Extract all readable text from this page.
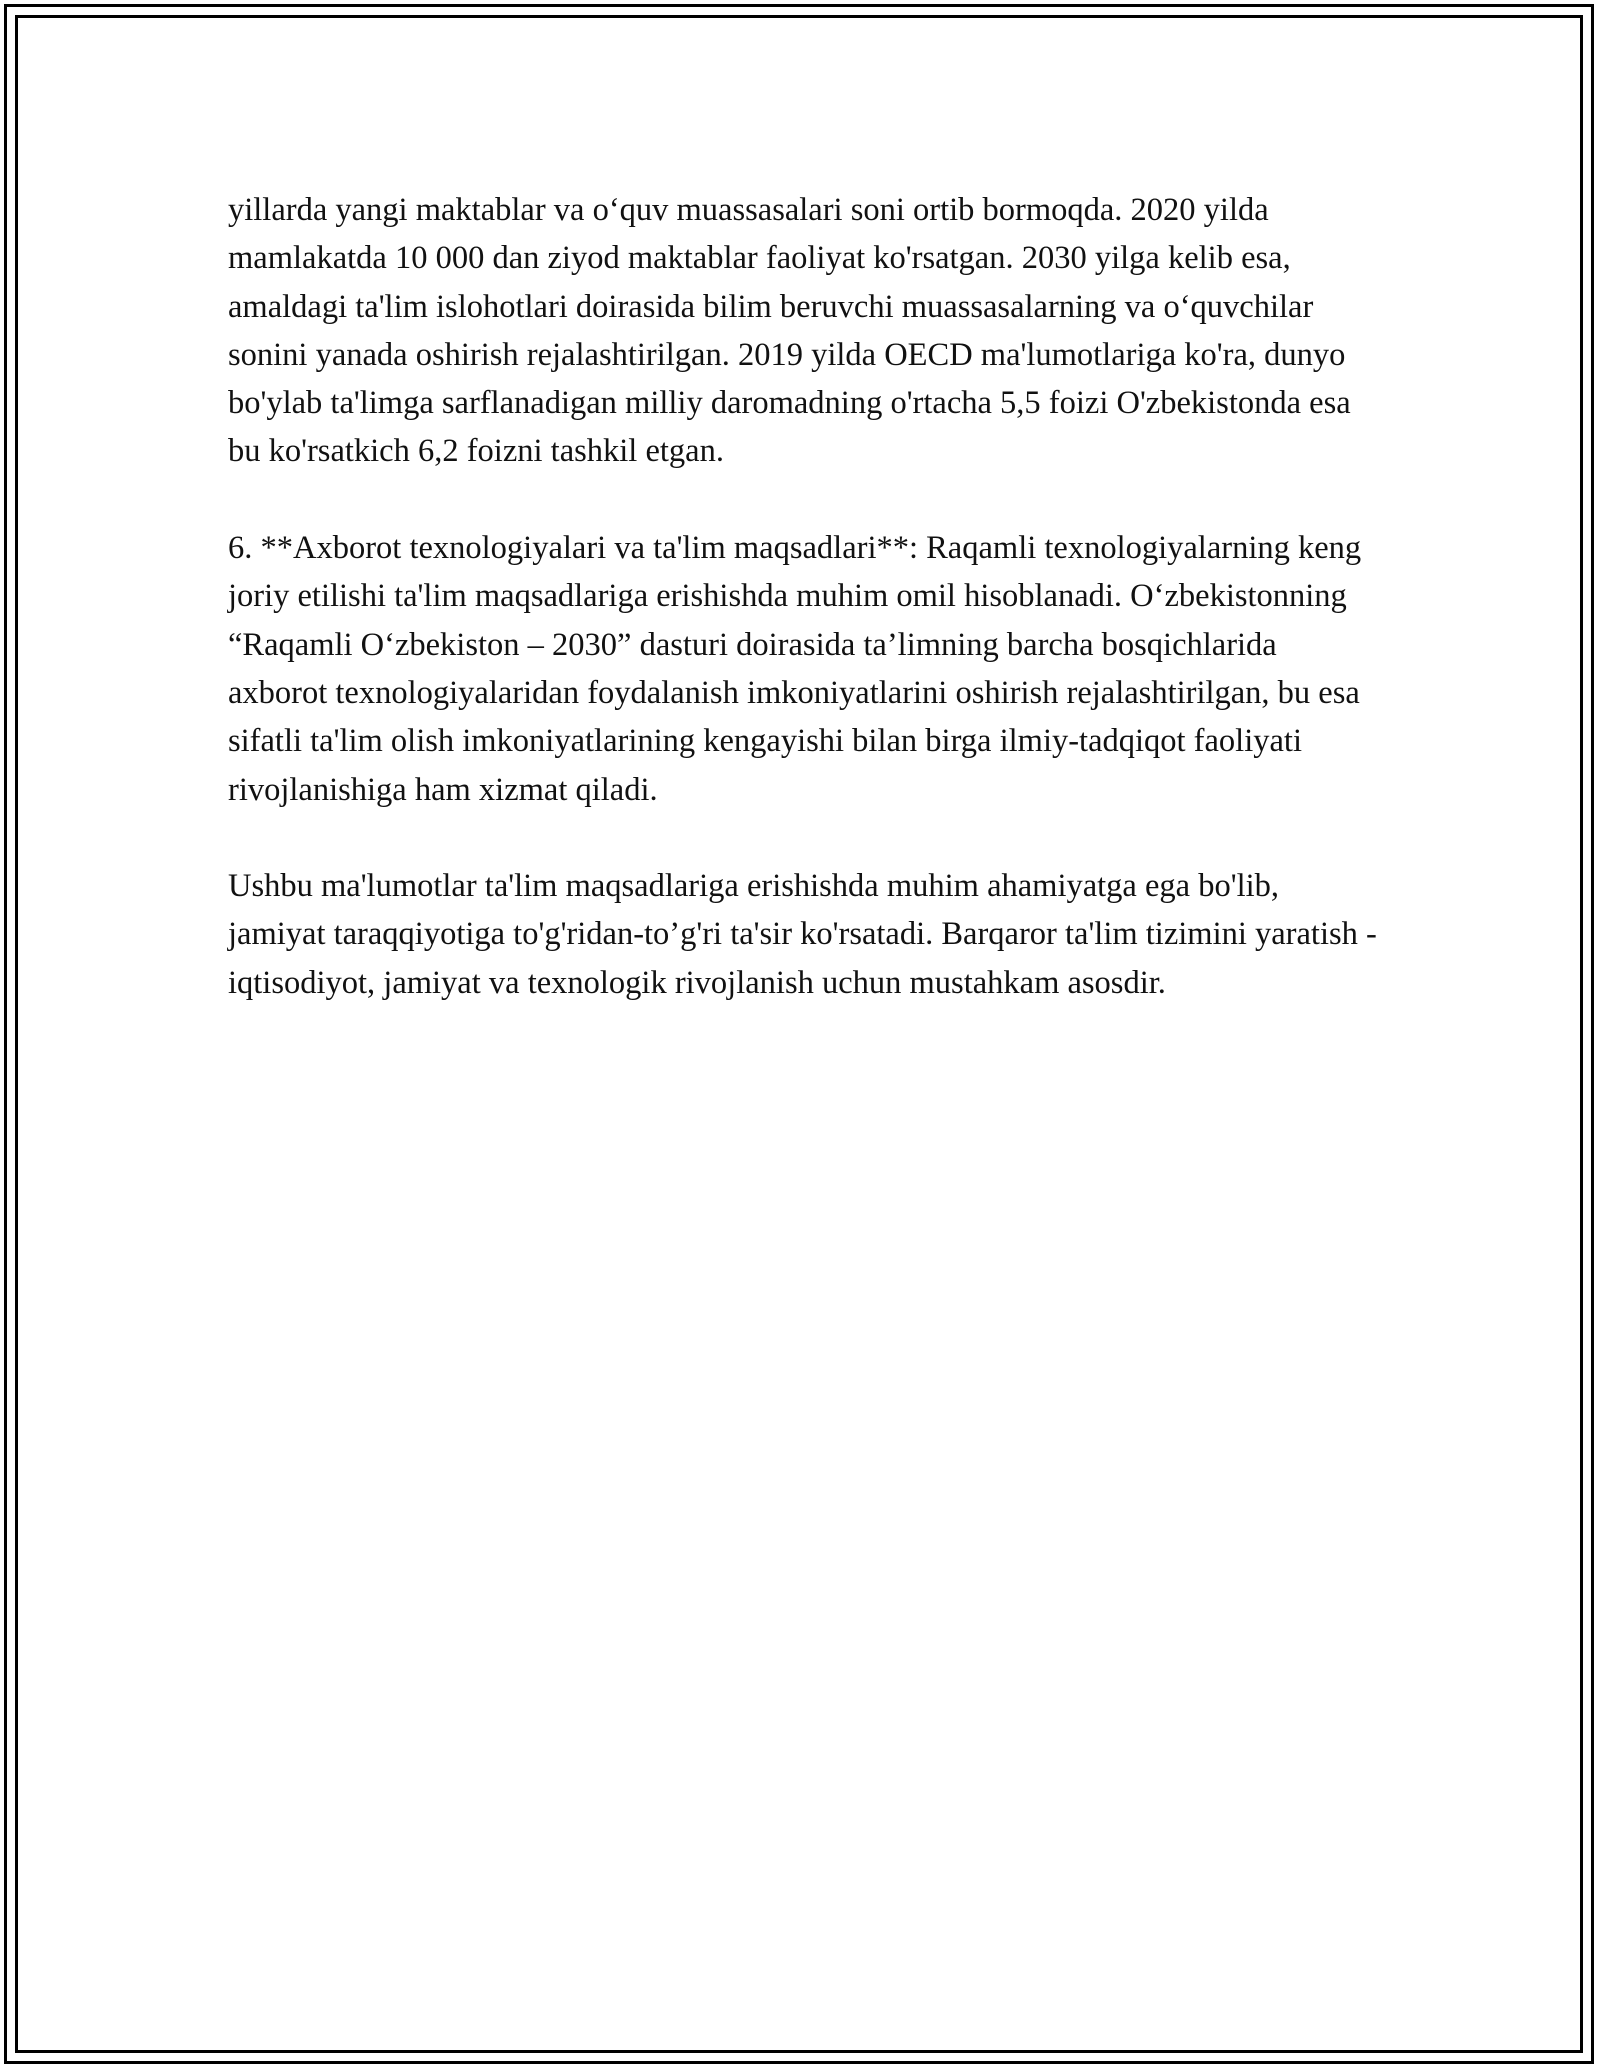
yillarda yangi maktablar va o‘quv muassasalari soni ortib bormoqda. 2020 yilda mamlakatda 10 000 dan ziyod maktablar faoliyat ko'rsatgan. 2030 yilga kelib esa, amaldagi ta'lim islohotlari doirasida bilim beruvchi muassasalarning va o‘quvchilar sonini yanada oshirish rejalashtirilgan. 2019 yilda OECD ma'lumotlariga ko'ra, dunyo bo'ylab ta'limga sarflanadigan milliy daromadning o'rtacha 5,5 foizi O'zbekistonda esa bu ko'rsatkich 6,2 foizni tashkil etgan.

6. **Axborot texnologiyalari va ta'lim maqsadlari**: Raqamli texnologiyalarning keng joriy etilishi ta'lim maqsadlariga erishishda muhim omil hisoblanadi. O‘zbekistonning “Raqamli O‘zbekiston – 2030” dasturi doirasida ta’limning barcha bosqichlarida axborot texnologiyalaridan foydalanish imkoniyatlarini oshirish rejalashtirilgan, bu esa sifatli ta'lim olish imkoniyatlarining kengayishi bilan birga ilmiy-tadqiqot faoliyati rivojlanishiga ham xizmat qiladi.

Ushbu ma'lumotlar ta'lim maqsadlariga erishishda muhim ahamiyatga ega bo'lib, jamiyat taraqqiyotiga to'g'ridan-to’g'ri ta'sir ko'rsatadi. Barqaror ta'lim tizimini yaratish - iqtisodiyot, jamiyat va texnologik rivojlanish uchun mustahkam asosdir.
